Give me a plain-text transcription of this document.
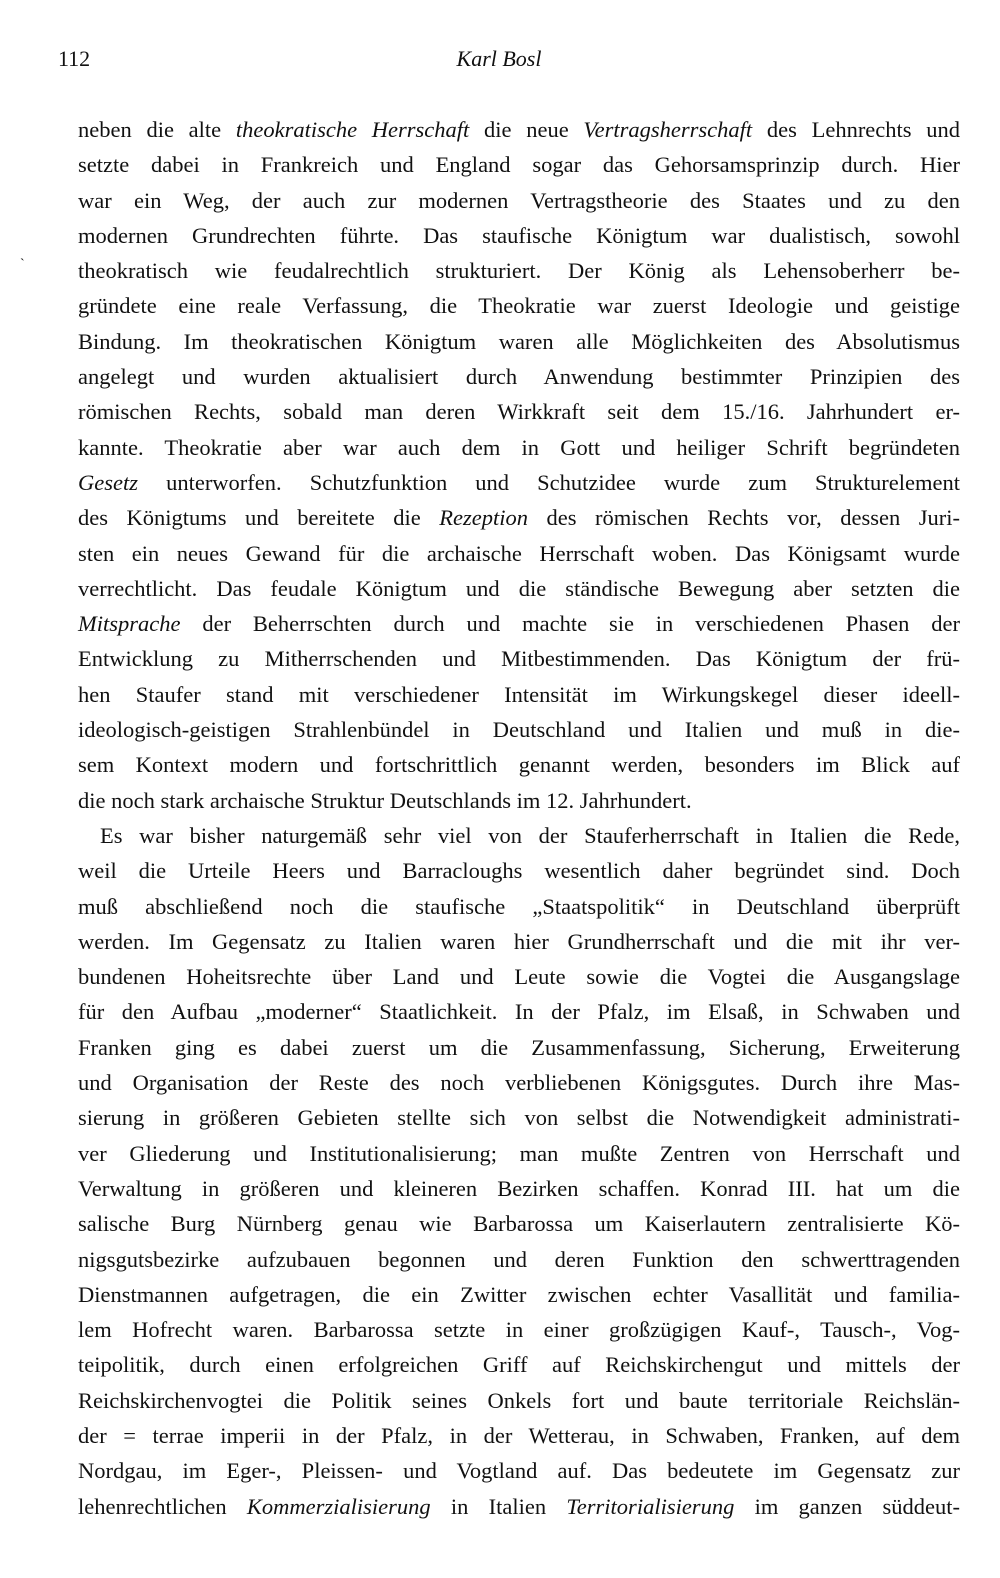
112	Karl Bosl
`
neben die alte theokratische Herrschaft die neue Vertragsherrschaft des Lehnrechts und
setzte dabei in Frankreich und England sogar das Gehorsamsprinzip durch. Hier
war ein Weg, der auch zur modernen Vertragstheorie des Staates und zu den
modernen Grundrechten führte. Das staufische Königtum war dualistisch, sowohl
theokratisch wie feudalrechtlich strukturiert. Der König als Lehensoberherr be-
gründete eine reale Verfassung, die Theokratie war zuerst Ideologie und geistige
Bindung. Im theokratischen Königtum waren alle Möglichkeiten des Absolutismus
angelegt und wurden aktualisiert durch Anwendung bestimmter Prinzipien des
römischen Rechts, sobald man deren Wirkkraft seit dem 15./16. Jahrhundert er-
kannte. Theokratie aber war auch dem in Gott und heiliger Schrift begründeten
Gesetz unterworfen. Schutzfunktion und Schutzidee wurde zum Strukturelement
des Königtums und bereitete die Rezeption des römischen Rechts vor, dessen Juri-
sten ein neues Gewand für die archaische Herrschaft woben. Das Königsamt wurde
verrechtlicht. Das feudale Königtum und die ständische Bewegung aber setzten die
Mitsprache der Beherrschten durch und machte sie in verschiedenen Phasen der
Entwicklung zu Mitherrschenden und Mitbestimmenden. Das Königtum der frü-
hen Staufer stand mit verschiedener Intensität im Wirkungskegel dieser ideell-
ideologisch-geistigen Strahlenbündel in Deutschland und Italien und muß in die-
sem Kontext modern und fortschrittlich genannt werden, besonders im Blick auf
die noch stark archaische Struktur Deutschlands im 12. Jahrhundert.
Es war bisher naturgemäß sehr viel von der Stauferherrschaft in Italien die Rede,
weil die Urteile Heers und Barracloughs wesentlich daher begründet sind. Doch
muß abschließend noch die staufische „Staatspolitik“ in Deutschland überprüft
werden. Im Gegensatz zu Italien waren hier Grundherrschaft und die mit ihr ver-
bundenen Hoheitsrechte über Land und Leute sowie die Vogtei die Ausgangslage
für den Aufbau „moderner“ Staatlichkeit. In der Pfalz, im Elsaß, in Schwaben und
Franken ging es dabei zuerst um die Zusammenfassung, Sicherung, Erweiterung
und Organisation der Reste des noch verbliebenen Königsgutes. Durch ihre Mas-
sierung in größeren Gebieten stellte sich von selbst die Notwendigkeit administrati-
ver Gliederung und Institutionalisierung; man mußte Zentren von Herrschaft und
Verwaltung in größeren und kleineren Bezirken schaffen. Konrad III. hat um die
salische Burg Nürnberg genau wie Barbarossa um Kaiserlautern zentralisierte Kö-
nigsgutsbezirke aufzubauen begonnen und deren Funktion den schwerttragenden
Dienstmannen aufgetragen, die ein Zwitter zwischen echter Vasallität und familia-
lem Hofrecht waren. Barbarossa setzte in einer großzügigen Kauf-, Tausch-, Vog-
teipolitik, durch einen erfolgreichen Griff auf Reichskirchengut und mittels der
Reichskirchenvogtei die Politik seines Onkels fort und baute territoriale Reichslän-
der = terrae imperii in der Pfalz, in der Wetterau, in Schwaben, Franken, auf dem
Nordgau, im Eger-, Pleissen- und Vogtland auf. Das bedeutete im Gegensatz zur
lehenrechtlichen Kommerzialisierung in Italien Territorialisierung im ganzen süddeut-
